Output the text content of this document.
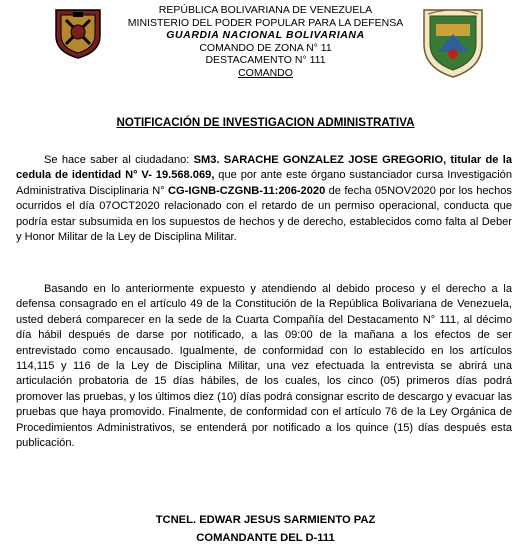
REPÚBLICA BOLIVARIANA DE VENEZUELA
MINISTERIO DEL PODER POPULAR PARA LA DEFENSA
GUARDIA NACIONAL BOLIVARIANA
COMANDO DE ZONA N° 11
DESTACAMENTO N° 111
COMANDO
NOTIFICACIÓN DE INVESTIGACION ADMINISTRATIVA
Se hace saber al ciudadano: SM3. SARACHE GONZALEZ JOSE GREGORIO, titular de la cedula de identidad N° V- 19.568.069, que por ante este órgano sustanciador cursa Investigación Administrativa Disciplinaria N° CG-IGNB-CZGNB-11:206-2020 de fecha 05NOV2020 por los hechos ocurridos el día 07OCT2020 relacionado con el retardo de un permiso operacional, conducta que podría estar subsumida en los supuestos de hechos y de derecho, establecidos como falta al Deber y Honor Militar de la Ley de Disciplina Militar.
Basando en lo anteriormente expuesto y atendiendo al debido proceso y el derecho a la defensa consagrado en el artículo 49 de la Constitución de la República Bolivariana de Venezuela, usted deberá comparecer en la sede de la Cuarta Compañía del Destacamento N° 111, al décimo día hábil después de darse por notificado, a las 09:00 de la mañana a los efectos de ser entrevistado como encausado. Igualmente, de conformidad con lo establecido en los artículos 114,115 y 116 de la Ley de Disciplina Militar, una vez efectuada la entrevista se abrirá una articulación probatoria de 15 días hábiles, de los cuales, los cinco (05) primeros días podrá promover las pruebas, y los últimos diez (10) días podrá consignar escrito de descargo y evacuar las pruebas que haya promovido. Finalmente, de conformidad con el artículo 76 de la Ley Orgánica de Procedimientos Administrativos, se entenderá por notificado a los quince (15) días después esta publicación.
TCNEL. EDWAR JESUS SARMIENTO PAZ
COMANDANTE DEL D-111
